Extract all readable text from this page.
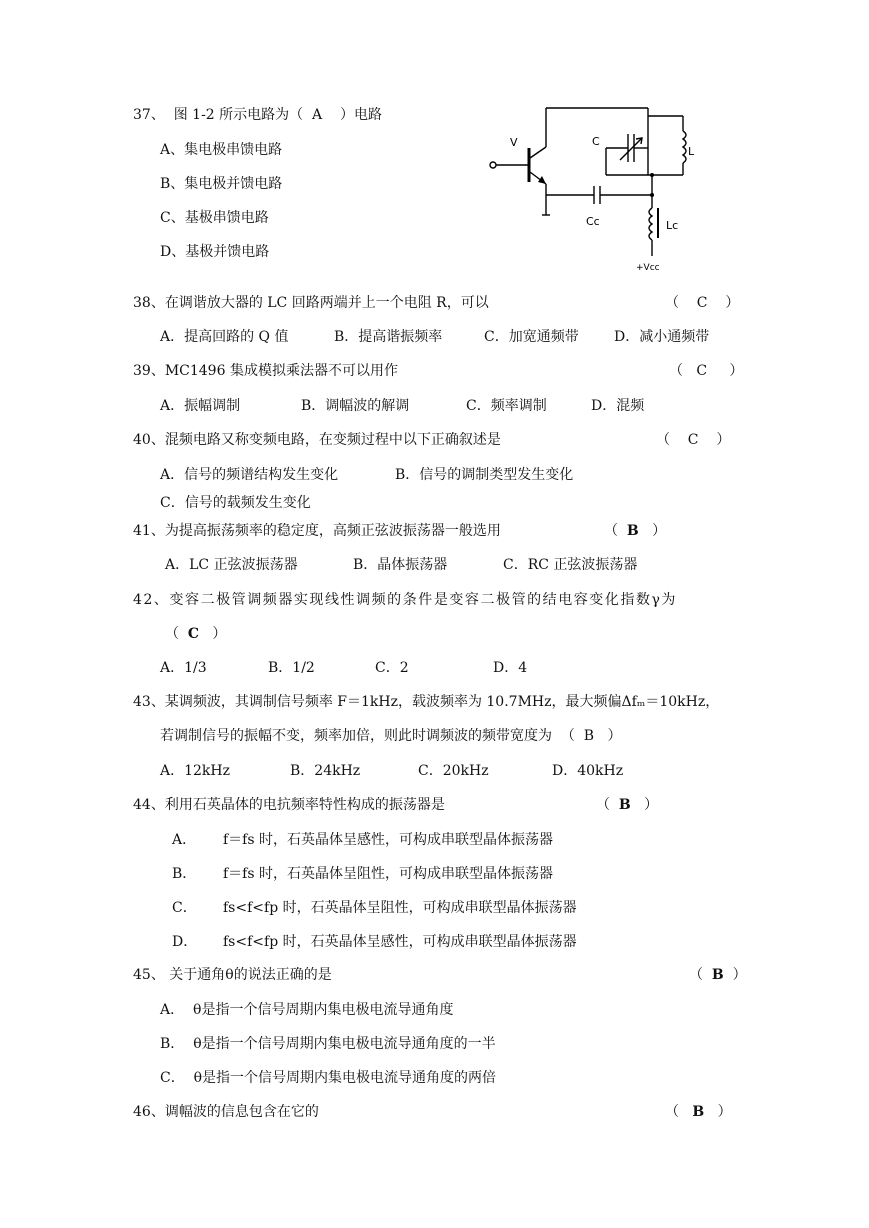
37、  图 1-2 所示电路为（  A    ）电路
A、集电极串馈电路
B、集电极并馈电路
C、基极串馈电路
D、基极并馈电路
V	C
L
Cc	Lc
+Vcc
38、在调谐放大器的 LC 回路两端并上一个电阻 R，可以	（    C    ）
A．提高回路的 Q 值	B．提高谐振频率	C．加宽通频带	D．减小通频带
39、MC1496 集成模拟乘法器不可以用作	（   C     ）
A．振幅调制	B．调幅波的解调	C．频率调制	D．混频
40、混频电路又称变频电路，在变频过程中以下正确叙述是	（    C    ）
A．信号的频谱结构发生变化	B．信号的调制类型发生变化
C．信号的载频发生变化
41、为提高振荡频率的稳定度，高频正弦波振荡器一般选用	（ B ）
A．LC 正弦波振荡器	B．晶体振荡器	C．RC 正弦波振荡器
42、变容二极管调频器实现线性调频的条件是变容二极管的结电容变化指数γ为
（ C ）
A．1/3	B．1/2	C．2	D．4
43、某调频波，其调制信号频率 F＝1kHz，载波频率为 10.7MHz，最大频偏Δfₘ＝10kHz，
若调制信号的振幅不变，频率加倍，则此时调频波的频带宽度为  （  B   ）
A．12kHz	B．24kHz	C．20kHz	D．40kHz
44、利用石英晶体的电抗频率特性构成的振荡器是	（ B ）
A． f＝fs 时，石英晶体呈感性，可构成串联型晶体振荡器
B． f＝fs 时，石英晶体呈阻性，可构成串联型晶体振荡器
C． fs<f<fp 时，石英晶体呈阻性，可构成串联型晶体振荡器
D． fs<f<fp 时，石英晶体呈感性，可构成串联型晶体振荡器
45、 关于通角θ的说法正确的是	（ B ）
A．  θ是指一个信号周期内集电极电流导通角度
B．  θ是指一个信号周期内集电极电流导通角度的一半
C．  θ是指一个信号周期内集电极电流导通角度的两倍
46、调幅波的信息包含在它的	（ B ）
